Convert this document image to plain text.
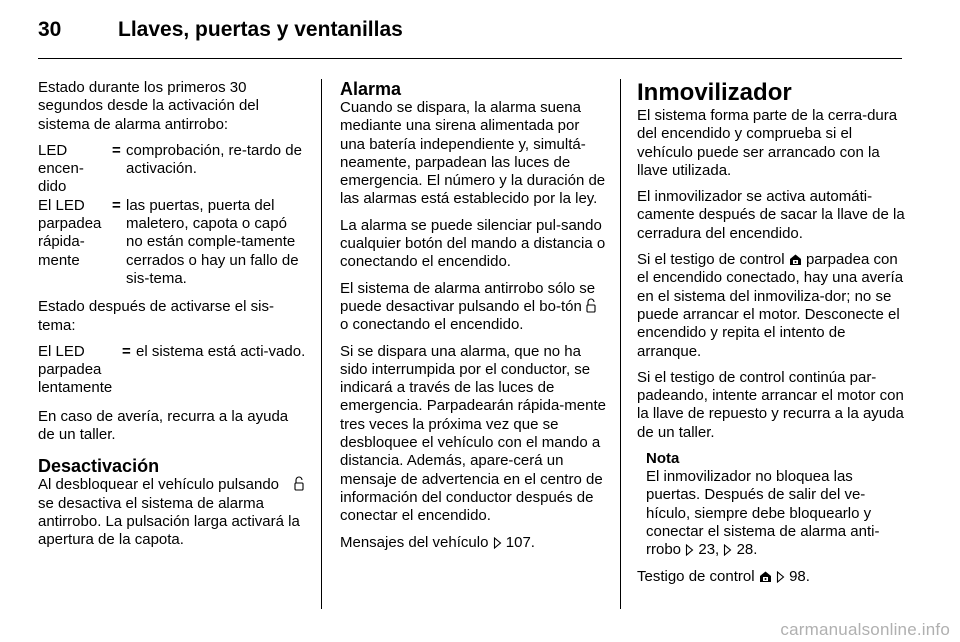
30	Llaves, puertas y ventanillas

Estado durante los primeros 30 segundos desde la activación del sistema de alarma antirrobo:

LED encen-dido
= comprobación, re-tardo de activación.
El LED parpadea rápida-mente
= las puertas, puerta del maletero, capota o capó no están comple-tamente cerrados o hay un fallo de sis-tema.

Estado después de activarse el sis-tema:

El LED parpadea lentamente
= el sistema está acti-vado.

En caso de avería, recurra a la ayuda de un taller.

Desactivación

Al desbloquear el vehículo pulsando  se desactiva el sistema de alarma antirrobo. La pulsación larga activará la apertura de la capota.

Alarma

Cuando se dispara, la alarma suena mediante una sirena alimentada por una batería independiente y, simultá-neamente, parpadean las luces de emergencia. El número y la duración de las alarmas está establecido por la ley.

La alarma se puede silenciar pul-sando cualquier botón del mando a distancia o conectando el encendido.

El sistema de alarma antirrobo sólo se puede desactivar pulsando el bo-tón  o conectando el encendido.

Si se dispara una alarma, que no ha sido interrumpida por el conductor, se indicará a través de las luces de emergencia. Parpadearán rápida-mente tres veces la próxima vez que se desbloquee el vehículo con el mando a distancia. Además, apare-cerá un mensaje de advertencia en el centro de información del conductor después de conectar el encendido.

Mensajes del vehículo 107.

Inmovilizador

El sistema forma parte de la cerra-dura del encendido y comprueba si el vehículo puede ser arrancado con la llave utilizada.

El inmovilizador se activa automáti-camente después de sacar la llave de la cerradura del encendido.

Si el testigo de control parpadea con el encendido conectado, hay una avería en el sistema del inmoviliza-dor; no se puede arrancar el motor. Desconecte el encendido y repita el intento de arranque.

Si el testigo de control continúa par-padeando, intente arrancar el motor con la llave de repuesto y recurra a la ayuda de un taller.

Nota

El inmovilizador no bloquea las puertas. Después de salir del ve-hículo, siempre debe bloquearlo y conectar el sistema de alarma anti-rrobo 23, 28.

Testigo de control 98.

carmanualsonline.info
